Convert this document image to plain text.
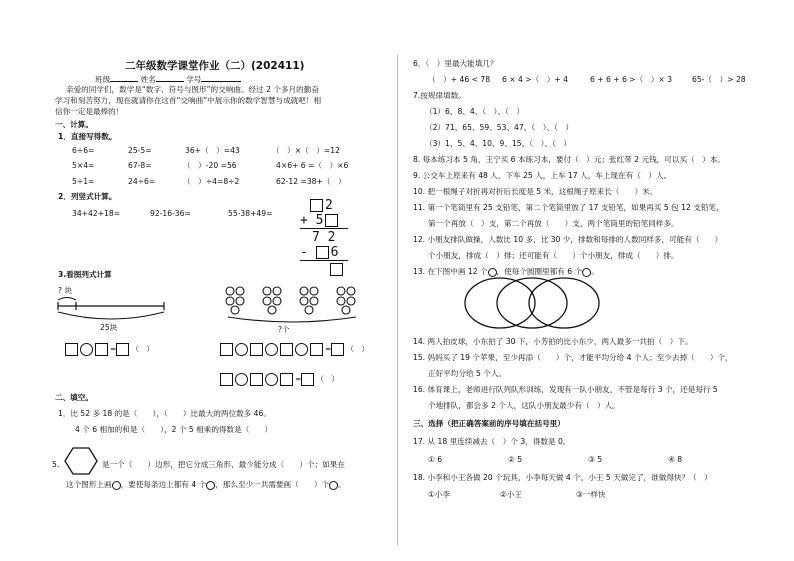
二年级数学课堂作业（二）(202411)
班级	姓名	学号
亲爱的同学们，数学是“数字、符号与图形”的交响曲。经过 2 个多月的勤奋
学习和刻苦努力，现在就请你在这首“交响曲”中展示你的数学智慧与成就吧！相
信你一定是最棒的！
一、计算。
1．直接写得数。
6÷6=	25-5=	36+（　）=43	（　）×（　）=12
5×4=	67-8=	（　）-20 =56	4×6+ 6 =（　）×6
5÷1=	24÷6=	（　）÷4=8÷2	62-12 =38+（　）
2．列竖式计算。
34+42+18=	92-16-36=	55-38+49=
2
+ 5
7 2
- 6
3.看图列式计算
? 块
25块	?个
= （　）	= （　）
= （　）
二、填空。
1．比 52 多 18 的是（　　），（　　）比最大的两位数多 46。
4 个 6 相加的和是（　　），2 个 5 相乘的得数是（　　）
5.	是一个（　　）边形，把它分成三角形，最少能分成（　　）个；如果在
这个图形上画 ，要使每条边上都有 4 个 ，那么至少一共需要画（　　）个 。
6．（　）里最大能填几？
（　）+ 46 < 78 6 × 4 >（　）+ 4	6 + 6 + 6 >（　）× 3	65-（　）> 28
7.按规律填数。
（1）6、8、4、（　）、（　）
（2）71、65、59、53、47、（　）、（　）
（3）1、5、4、10、9、15、（　）、（　）
8. 每本练习本 5 角，王宁买 6 本练习本，要付（　）元；张红带 2 元钱，可以买（　）本。
9. 公交车上原来有 48 人，下车 25 人，上车 17 人，车上现在有（　）人。
10. 把一根绳子对折再对折后长度是 5 米，这根绳子原来长（　　）米。
11. 第一个笔筒里有 25 支铅笔，第二个笔筒里放了 17 支铅笔，如果再买 5 包 12 支铅笔，
第一个再放（　）支，第二个再放（　　）支，两个笔筒里的铅笔同样多。
12. 小朋友排队做操，人数比 10 多，比 30 少，排数和每排的人数同样多，可能有（　　）
个小朋友，排成（　）排；还可能有（　　）个小朋友，排成（　　）排。
13. 在下图中画 12 个 ，使每个圆圈里都有 6 个 。
14. 两人拍皮球，小东拍了 30 下，小芳拍的比小东少，两人最多一共拍（　）下。
15. 妈妈买了 19 个苹果，至少再添（　　）个，才能平均分给 4 个人；至少去掉（　　）个，
正好平均分给 5 个人。
16. 体育课上，老师进行队列队形训练，发现有一队小朋友，不管是每行 3 个，还是每行 5
个地排队，都会多 2 个人，这队小朋友最少有（　）人。
三、选择（把正确答案前的序号填在括号里）
17. 从 18 里连续减去（　）个 3，得数是 0。
① 6	② 5	③ 5	④ 8
18. 小李和小王各做 20 个玩具，小李每天做 4 个，小王 5 天做完了，谁做得快？（　）
①小李	②小王	③一样快
